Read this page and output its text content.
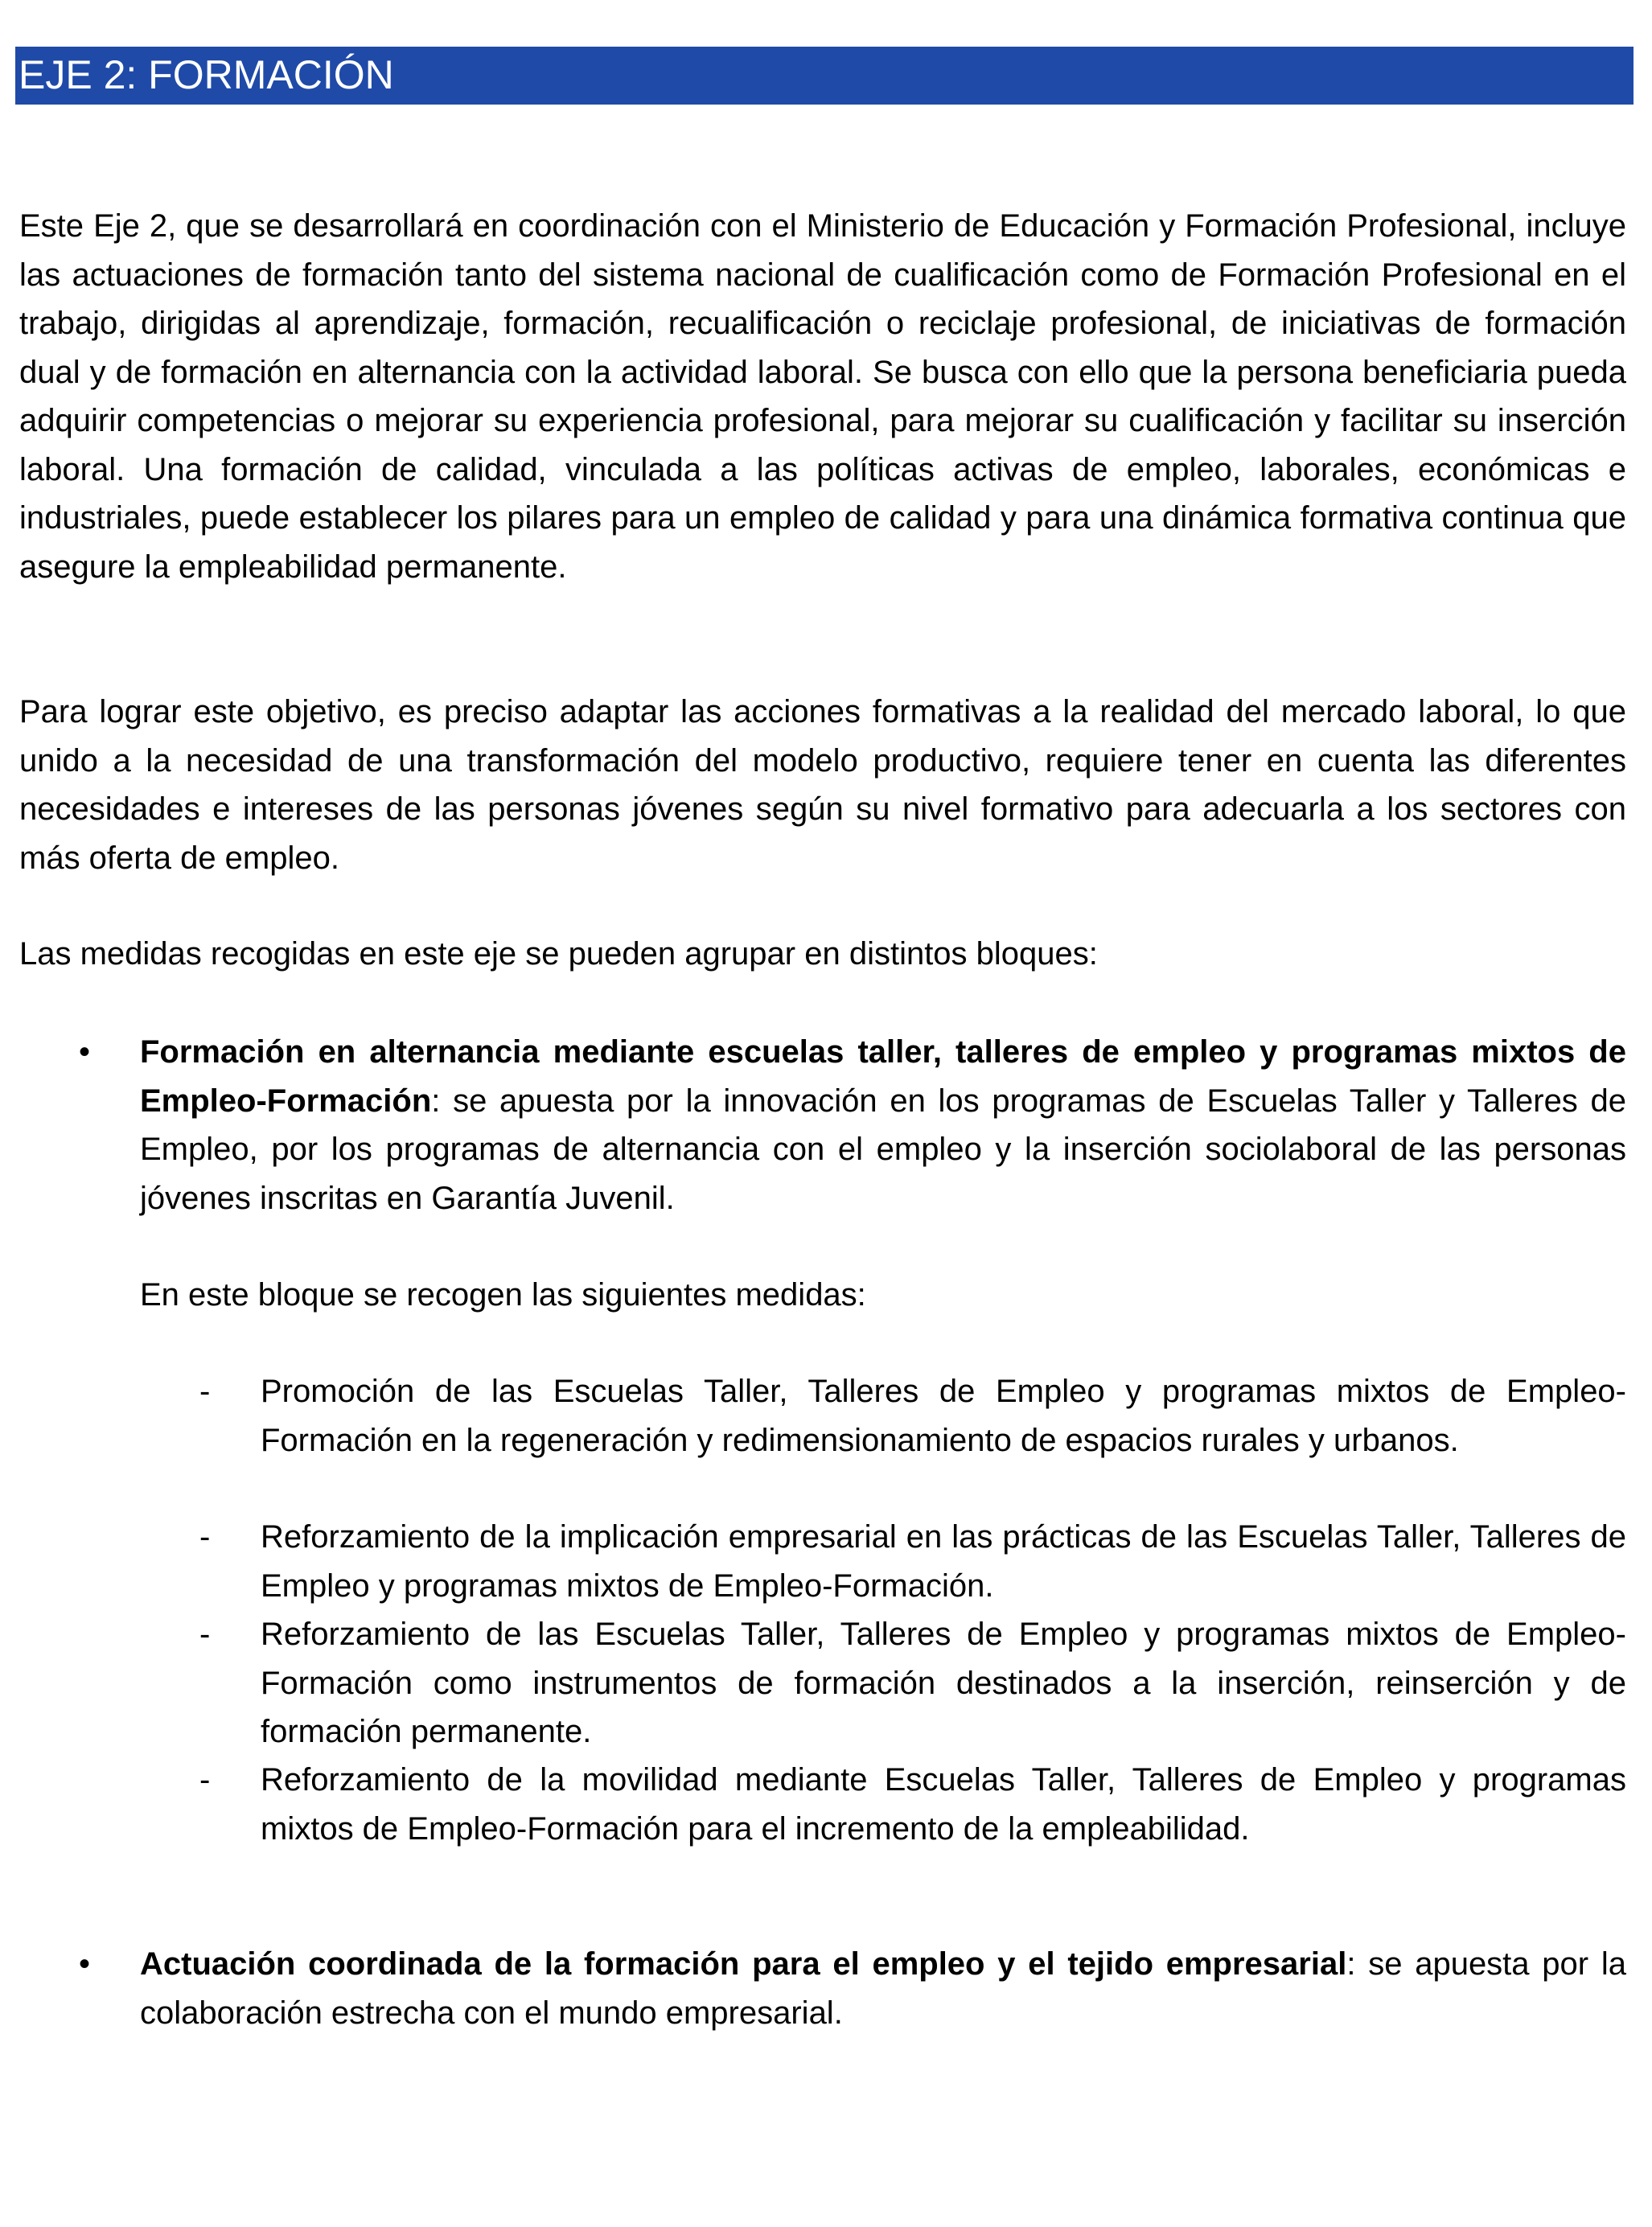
EJE 2: FORMACIÓN

Este Eje 2, que se desarrollará en coordinación con el Ministerio de Educación y Formación Profesional, incluye las actuaciones de formación tanto del sistema nacional de cualificación como de Formación Profesional en el trabajo, dirigidas al aprendizaje, formación, recualificación o reciclaje profesional, de iniciativas de formación dual y de formación en alternancia con la actividad laboral. Se busca con ello que la persona beneficiaria pueda adquirir competencias o mejorar su experiencia profesional, para mejorar su cualificación y facilitar su inserción laboral. Una formación de calidad, vinculada a las políticas activas de empleo, laborales, económicas e industriales, puede establecer los pilares para un empleo de calidad y para una dinámica formativa continua que asegure la empleabilidad permanente.

Para lograr este objetivo, es preciso adaptar las acciones formativas a la realidad del mercado laboral, lo que unido a la necesidad de una transformación del modelo productivo, requiere tener en cuenta las diferentes necesidades e intereses de las personas jóvenes según su nivel formativo para adecuarla a los sectores con más oferta de empleo.

Las medidas recogidas en este eje se pueden agrupar en distintos bloques:

• Formación en alternancia mediante escuelas taller, talleres de empleo y programas mixtos de Empleo-Formación: se apuesta por la innovación en los programas de Escuelas Taller y Talleres de Empleo, por los programas de alternancia con el empleo y la inserción sociolaboral de las personas jóvenes inscritas en Garantía Juvenil.

En este bloque se recogen las siguientes medidas:

- Promoción de las Escuelas Taller, Talleres de Empleo y programas mixtos de Empleo-Formación en la regeneración y redimensionamiento de espacios rurales y urbanos.

- Reforzamiento de la implicación empresarial en las prácticas de las Escuelas Taller, Talleres de Empleo y programas mixtos de Empleo-Formación.

- Reforzamiento de las Escuelas Taller, Talleres de Empleo y programas mixtos de Empleo-Formación como instrumentos de formación destinados a la inserción, reinserción y de formación permanente.

- Reforzamiento de la movilidad mediante Escuelas Taller, Talleres de Empleo y programas mixtos de Empleo-Formación para el incremento de la empleabilidad.

• Actuación coordinada de la formación para el empleo y el tejido empresarial: se apuesta por la colaboración estrecha con el mundo empresarial.
